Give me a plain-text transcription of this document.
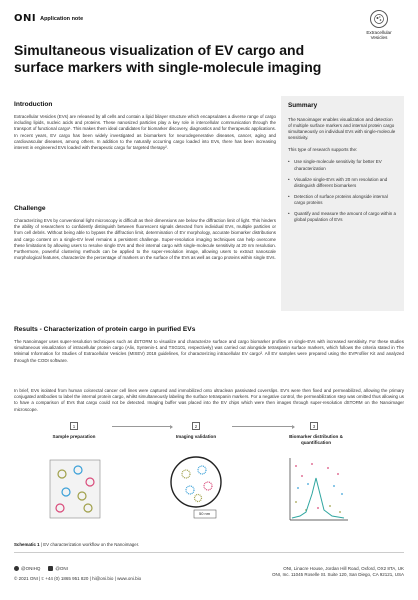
ONI Application note
Extracellular
Vesicles
Simultaneous visualization of EV cargo and surface markers with single-molecule imaging
Introduction

Extracellular Vesicles (EVs) are released by all cells and contain a lipid bilayer structure which encapsulates a diverse range of cargo including lipids, nucleic acids and proteins. These nanosized particles play a key role in intercellular communication through the transport of functional cargo¹. This makes them ideal candidates for biomarker discovery, diagnostics and for therapeutic applications. In recent years, EV cargo has been widely investigated as biomarkers for neurodegenerative diseases, cancer, aging and cardiovascular diseases, among others. In addition to the naturally occurring cargo loaded into EVs, there has been increasing interest in engineered EVs loaded with therapeutic cargo for targeted therapy².

Challenge

Characterizing EVs by conventional light microscopy is difficult as their dimensions are below the diffraction limit of light. This hinders the ability of researchers to confidently distinguish between fluorescent signals detected from individual EVs, multiple particles or from cell debris. Without being able to bypass the diffraction limit, determination of EV morphology, accurate biomarker distributions and cargo content on a single-EV level remains a persistent challenge. Super-resolution imaging techniques can help overcome these limitations by allowing users to resolve single EVs and their internal cargo with single-molecule sensitivity at 20 nm resolution. Furthermore, powerful clustering methods can be applied to the super-resolution image, allowing users to extract nanoscale morphological features, characterize the percentage of markers on the surface of the EVs as well as cargo proteins within single EVs.

Summary

The Nanoimager enables visualization and detection of multiple surface markers and internal protein cargo simultaneously on individual EVs with single-molecule sensitivity.

This type of research supports the:

• Use single-molecule sensitivity for better EV characterization
• Visualize single-EVs with 20 nm resolution and distinguish different biomarkers
• Detection of surface proteins alongside internal cargo proteins
• Quantify and measure the amount of cargo within a global population of EVs
Results - Characterization of protein cargo in purified EVs

The Nanoimager uses super-resolution techniques such as dSTORM to visualize and characterize surface and cargo biomarker profiles on single-EVs with increased sensitivity. For these studies simultaneous visualization of intracellular protein cargo (Alix, Syntenin-1 and TSG101, respectively) was carried out alongside tetraspanin surface markers, which follows the criteria stated in The Minimal Information for Studies of Extracellular Vesicles (MISEV) 2018 guidelines, for characterizing intracellular EV cargo³. All EV samples were prepared using the EVProfiler Kit and analyzed through the CODI software.

In brief, EVs isolated from human colorectal cancer cell lines were captured and immobilized onto ultraclean passivated coverslips. EV's were then fixed and permeabilized, allowing the primary conjugated antibodies to label the internal protein cargo, whilst simultaneously labeling the surface tetraspanin markers. For a negative control, the permeabilization step was omitted thus allowing us to have a comparison of EVs that cargo could not be detected. Imaging buffer was placed into the EV chips which were then images through super-resolution dSTORM on the Nanoimager microscope.

1
Sample preparation
2
Imaging validation
50 nm
3
Biomarker distribution & quantification
Schematic 1 | EV characterization workflow on the Nanoimager.
@ONIHQ	@ONI
© 2021 ONI | t: +44 (0) 1865 951 820 | hi@oni.bio | www.oni.bio
ONI, Linacre House, Jordan Hill Road, Oxford, OX2 8TA, UK
ONI, Inc. 11045 Roselle St. Suite 120, San Diego, CA 92121, USA
